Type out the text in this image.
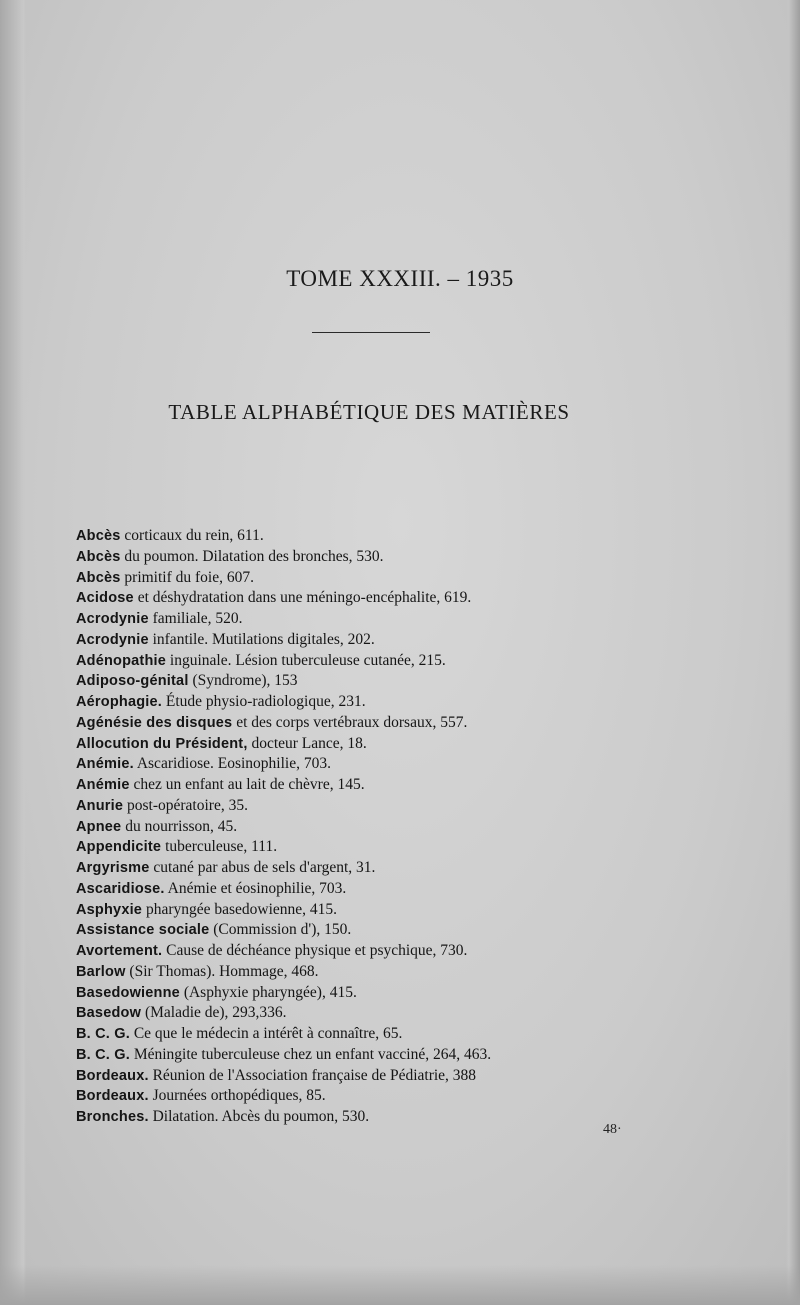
TOME XXXIII. – 1935
TABLE ALPHABÉTIQUE DES MATIÈRES
Abcès corticaux du rein, 611.
Abcès du poumon. Dilatation des bronches, 530.
Abcès primitif du foie, 607.
Acidose et déshydratation dans une méningo-encéphalite, 619.
Acrodynie familiale, 520.
Acrodynie infantile. Mutilations digitales, 202.
Adénopathie inguinale. Lésion tuberculeuse cutanée, 215.
Adiposo-génital (Syndrome), 153
Aérophagie. Étude physio-radiologique, 231.
Agénésie des disques et des corps vertébraux dorsaux, 557.
Allocution du Président, docteur Lance, 18.
Anémie. Ascaridiose. Eosinophilie, 703.
Anémie chez un enfant au lait de chèvre, 145.
Anurie post-opératoire, 35.
Apnee du nourrisson, 45.
Appendicite tuberculeuse, 111.
Argyrisme cutané par abus de sels d'argent, 31.
Ascaridiose. Anémie et éosinophilie, 703.
Asphyxie pharyngée basedowienne, 415.
Assistance sociale (Commission d'), 150.
Avortement. Cause de déchéance physique et psychique, 730.
Barlow (Sir Thomas). Hommage, 468.
Basedowienne (Asphyxie pharyngée), 415.
Basedow (Maladie de), 293,336.
B. C. G. Ce que le médecin a intérêt à connaître, 65.
B. C. G. Méningite tuberculeuse chez un enfant vacciné, 264, 463.
Bordeaux. Réunion de l'Association française de Pédiatrie, 388
Bordeaux. Journées orthopédiques, 85.
Bronches. Dilatation. Abcès du poumon, 530.
48·
